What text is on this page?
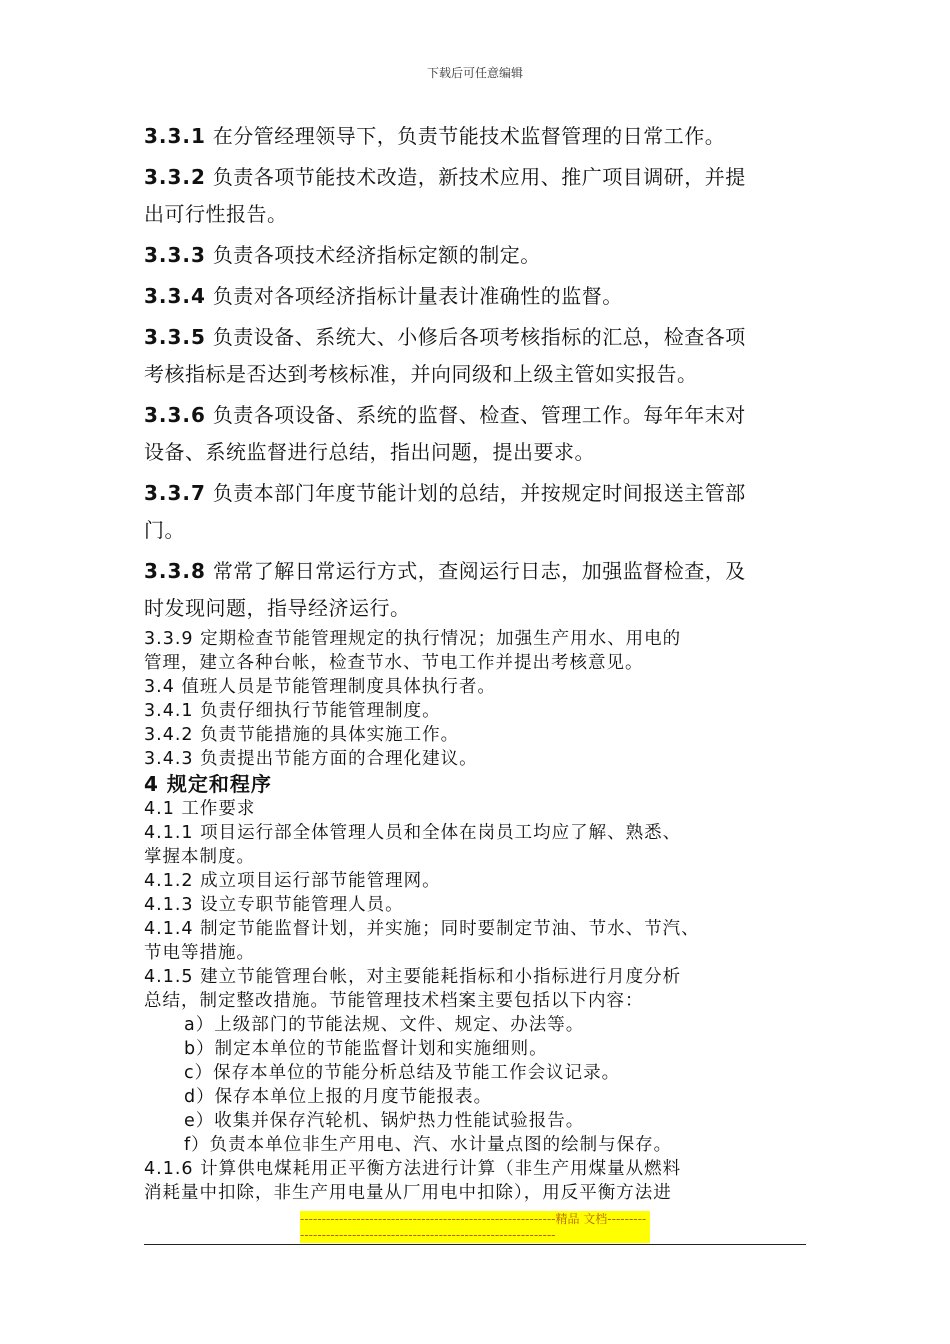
下载后可任意编辑

3.3.1 在分管经理领导下，负责节能技术监督管理的日常工作。

3.3.2 负责各项节能技术改造，新技术应用、推广项目调研，并提
出可行性报告。

3.3.3 负责各项技术经济指标定额的制定。

3.3.4 负责对各项经济指标计量表计准确性的监督。

3.3.5 负责设备、系统大、小修后各项考核指标的汇总，检查各项
考核指标是否达到考核标准，并向同级和上级主管如实报告。

3.3.6 负责各项设备、系统的监督、检查、管理工作。每年年末对
设备、系统监督进行总结，指出问题，提出要求。

3.3.7 负责本部门年度节能计划的总结，并按规定时间报送主管部
门。

3.3.8 常常了解日常运行方式，查阅运行日志，加强监督检查，及
时发现问题，指导经济运行。

3.3.9 定期检查节能管理规定的执行情况；加强生产用水、用电的

管理，建立各种台帐，检查节水、节电工作并提出考核意见。

3.4 值班人员是节能管理制度具体执行者。

3.4.1 负责仔细执行节能管理制度。

3.4.2 负责节能措施的具体实施工作。

3.4.3 负责提出节能方面的合理化建议。

4 规定和程序

4.1 工作要求

4.1.1 项目运行部全体管理人员和全体在岗员工均应了解、熟悉、

掌握本制度。

4.1.2 成立项目运行部节能管理网。

4.1.3 设立专职节能管理人员。

4.1.4 制定节能监督计划，并实施；同时要制定节油、节水、节汽、

节电等措施。

4.1.5 建立节能管理台帐，对主要能耗指标和小指标进行月度分析

总结，制定整改措施。节能管理技术档案主要包括以下内容：

a）上级部门的节能法规、文件、规定、办法等。

b）制定本单位的节能监督计划和实施细则。

c）保存本单位的节能分析总结及节能工作会议记录。

d）保存本单位上报的月度节能报表。

e）收集并保存汽轮机、锅炉热力性能试验报告。

f）负责本单位非生产用电、汽、水计量点图的绘制与保存。

4.1.6 计算供电煤耗用正平衡方法进行计算（非生产用煤量从燃料

消耗量中扣除，非生产用电量从厂用电中扣除），用反平衡方法进

-----------------------------------------------------------精品 文档--------------------------------------------------------------------
